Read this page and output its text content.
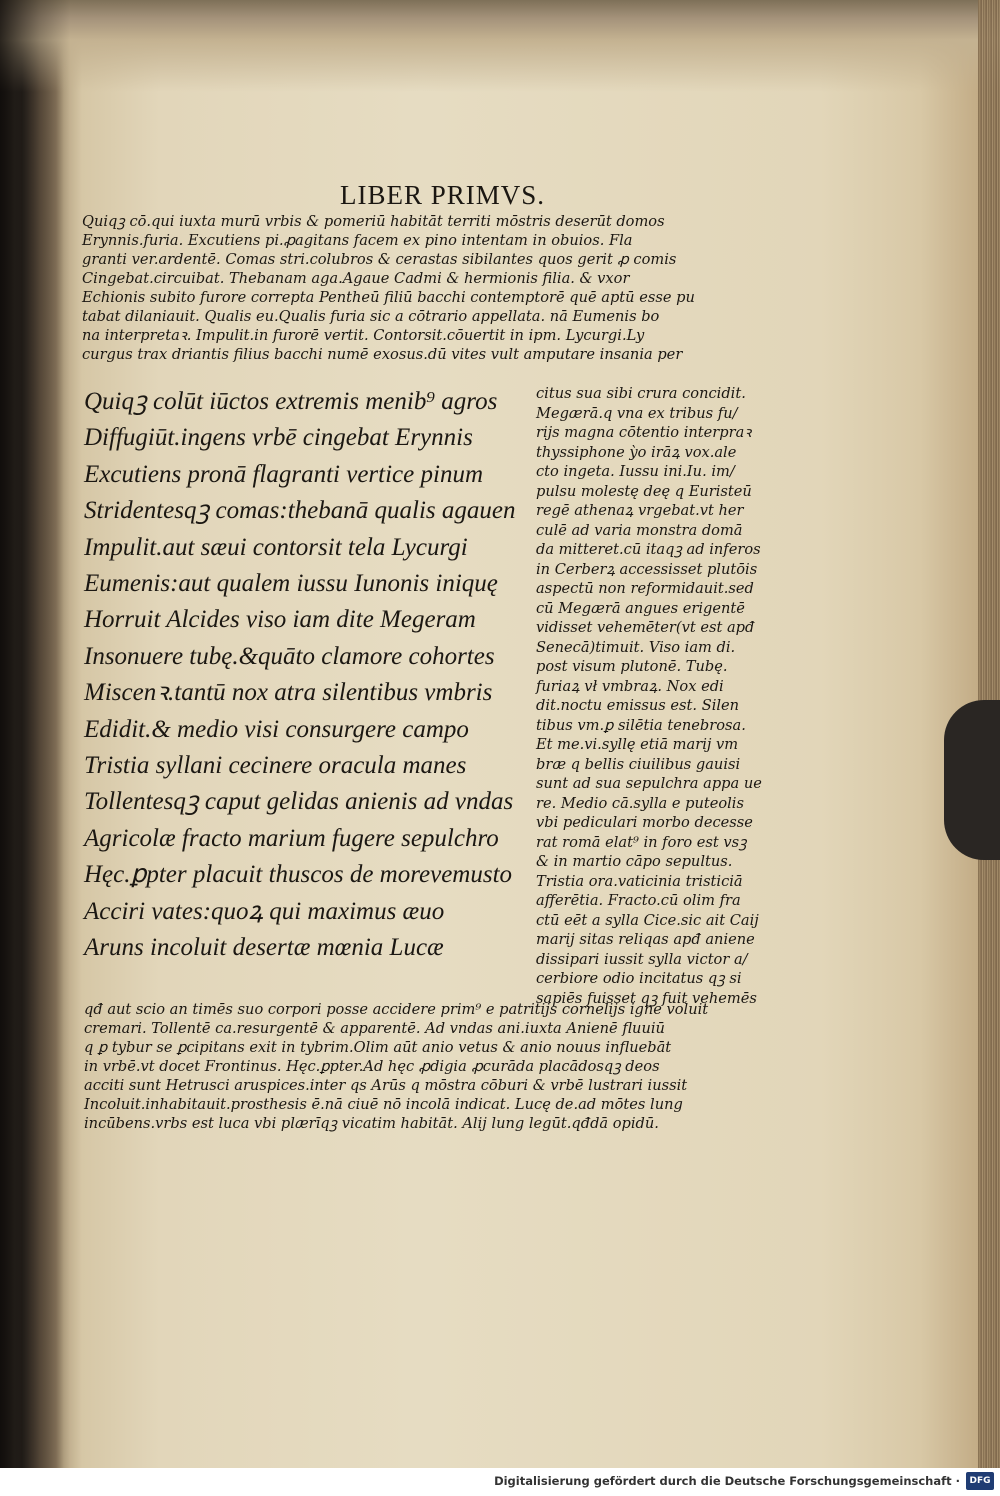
LIBER PRIMVS.

Quiqꝫ cō.qui iuxta murū vrbis & pomeriū habitāt territi mōstris deserūt domos

Erynnis.furia. Excutiens pi.ꝓagitans facem ex pino intentam in obuios. Fla

granti ver.ardentē. Comas stri.colubros & cerastas sibilantes quos gerit ꝓ comis

Cingebat.circuibat. Thebanam aga.Agaue Cadmi & hermionis filia. & vxor

Echionis subito furore correpta Pentheū filiū bacchi contemptorē quē aptū esse pu

tabat dilaniauit. Qualis eu.Qualis furia sic a cōtrario appellata. nā Eumenis bo

na interpretaꝛ. Impulit.in furorē vertit. Contorsit.cōuertit in ipm. Lycurgi.Ly

curgus trax driantis filius bacchi numē exosus.dū vites vult amputare insania per

Quiqꝫ colūt iūctos extremis menib⁹ agros
Diffugiūt.ingens vrbē cingebat Erynnis
Excutiens pronā flagranti vertice pinum
Stridentesqꝫ comas:thebanā qualis agauen
Impulit.aut sæui contorsit tela Lycurgi
Eumenis:aut qualem iussu Iunonis iniquę
Horruit Alcides viso iam dite Megeram
Insonuere tubę.&quāto clamore cohortes
Miscenꝛ.tantū nox atra silentibus vmbris
Edidit.& medio visi consurgere campo
Tristia syllani cecinere oracula manes
Tollentesqꝫ caput gelidas anienis ad vndas
Agricolæ fracto marium fugere sepulchro
Hęc.ꝑpter placuit thuscos de moreveтusto
Acciri vates:quoꝝ qui maximus æuo
Aruns incoluit desertæ mœnia Lucæ
citus sua sibi crura concidit.
Megærā.q vna ex tribus fu/
rijs magna cōtentio interpraꝛ
thyssiphone ỳo irāꝝ vox.ale
cto ingeta. Iussu ini.Iu. im/
pulsu molestę deę q Euristeū
regē athenaꝝ vrgebat.vt her
culē ad varia monstra domā
da mitteret.cū itaqꝫ ad inferos
in Cerberꝝ accessisset plutōis
aspectū non reformidauit.sed
cū Megærā angues erigentē
vidisset vehemēter(vt est apđ
Senecā)timuit. Viso iam di.
post visum plutonē. Tubę.
furiaꝝ vł vmbraꝝ. Nox edi
dit.noctu emissus est. Silen
tibus vm.ꝑ silētia tenebrosa.
Et me.vi.syllę etiā marij vm
bræ q bellis ciuilibus gauisi
sunt ad sua sepulchra appa ue
re. Medio cā.sylla e puteolis
vbi pediculari morbo decesse
rat romā elat⁹ in foro est vsꝫ
& in martio cāpo sepultus.
Tristia ora.vaticinia tristiciā
afferētia. Fracto.cū olim fra
ctū eēt a sylla Cice.sic ait Caij
marij sitas reliqas apđ aniene
dissipari iussit sylla victor a/
cerbiore odio incitatus qꝫ si
sapiēs fuisset qꝫ fuit vehemēs

qđ aut scio an timēs suo corpori posse accidere prim⁹ e patritijs cornelijs igne voluit

cremari. Tollentē ca.resurgentē & apparentē. Ad vndas ani.iuxta Anienē fluuiū

q ꝑ tybur se ꝑcipitans exit in tybrim.Olim aūt anio vetus & anio nouus influebāt

in vrbē.vt docet Frontinus. Hęc.ꝑpter.Ad hęc ꝓdigia ꝓcurāda placādosqꝫ deos

acciti sunt Hetrusci aruspices.inter qs Arūs q mōstra cōburi & vrbē lustrari iussit

Incoluit.inhabitauit.prosthesis ē.nā ciuē nō incolā indicat. Lucę de.ad mōtes lung

incūbens.vrbs est luca vbi plærīqꝫ vicatim habitāt. Alij lung legūt.qđdā opidū.

Digitalisierung gefördert durch die Deutsche Forschungsgemeinschaft ·	DFG
